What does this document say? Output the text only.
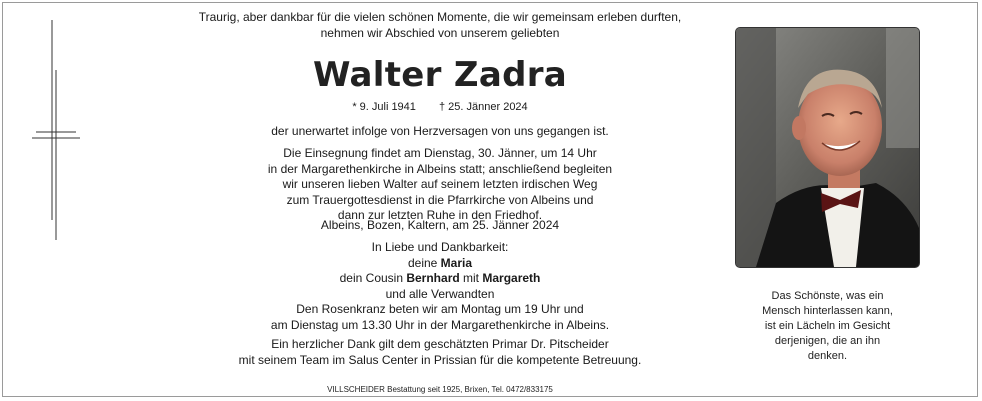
Traurig, aber dankbar für die vielen schönen Momente, die wir gemeinsam erleben durften,
nehmen wir Abschied von unserem geliebten
Walter Zadra
* 9. Juli 1941 † 25. Jänner 2024
der unerwartet infolge von Herzversagen von uns gegangen ist.
Die Einsegnung findet am Dienstag, 30. Jänner, um 14 Uhr
in der Margarethenkirche in Albeins statt; anschließend begleiten
wir unseren lieben Walter auf seinem letzten irdischen Weg
zum Trauergottesdienst in die Pfarrkirche von Albeins und
dann zur letzten Ruhe in den Friedhof.
Albeins, Bozen, Kaltern, am 25. Jänner 2024
In Liebe und Dankbarkeit:
deine Maria
dein Cousin Bernhard mit Margareth
und alle Verwandten
Den Rosenkranz beten wir am Montag um 19 Uhr und
am Dienstag um 13.30 Uhr in der Margarethenkirche in Albeins.
Ein herzlicher Dank gilt dem geschätzten Primar Dr. Pitscheider
mit seinem Team im Salus Center in Prissian für die kompetente Betreuung.
VILLSCHEIDER Bestattung seit 1925, Brixen, Tel. 0472/833175
Das Schönste, was ein
Mensch hinterlassen kann,
ist ein Lächeln im Gesicht
derjenigen, die an ihn
denken.
